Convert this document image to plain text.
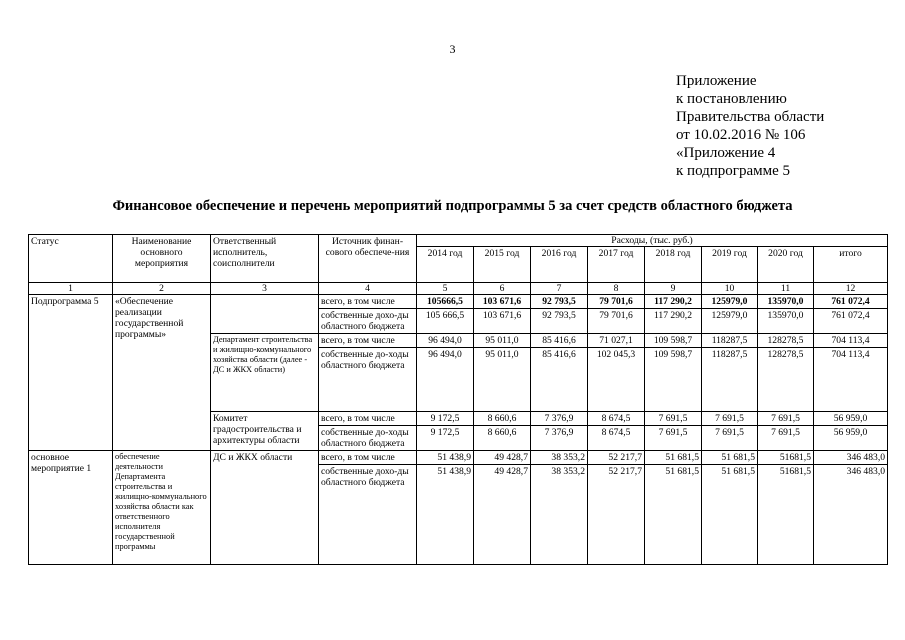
3
Приложение
к постановлению
Правительства области
от 10.02.2016 № 106
«Приложение 4
к подпрограмме 5
Финансовое обеспечение и перечень мероприятий подпрограммы 5 за счет средств областного бюджета
Статус	Наименование основного мероприятия	Ответственный исполнитель, соисполнители	Источник финан-сового обеспече-ния	Расходы, (тыс. руб.)							
				2014 год	2015 год	2016 год	2017 год	2018 год	2019 год	2020 год	итого
1	2	3	4	5	6	7	8	9	10	11	12
Подпрограмма 5	«Обеспечение реализации государственной программы»		всего, в том числе	105666,5	103 671,6	92 793,5	79 701,6	117 290,2	125979,0	135970,0	761 072,4
			собственные дохо-ды областного бюджета	105 666,5	103 671,6	92 793,5	79 701,6	117 290,2	125979,0	135970,0	761 072,4
		Департамент строительства и жилищно-коммунального хозяйства области (далее - ДС и ЖКХ области)	всего, в том числе	96 494,0	95 011,0	85 416,6	71 027,1	109 598,7	118287,5	128278,5	704 113,4
			собственные до-ходы областного бюджета	96 494,0	95 011,0	85 416,6	102 045,3	109 598,7	118287,5	128278,5	704 113,4
		Комитет градостроительства и архитектуры области	всего, в том числе	9 172,5	8 660,6	7 376,9	8 674,5	7 691,5	7 691,5	7 691,5	56 959,0
			собственные до-ходы областного бюджета	9 172,5	8 660,6	7 376,9	8 674,5	7 691,5	7 691,5	7 691,5	56 959,0
основное мероприятие 1	обеспечение деятельности Департамента строительства и жилищно-коммунального хозяйства области как ответственного исполнителя государственной программы	ДС и ЖКХ области	всего, в том числе	51 438,9	49 428,7	38 353,2	52 217,7	51 681,5	51 681,5	51681,5	346 483,0
			собственные дохо-ды областного бюджета	51 438,9	49 428,7	38 353,2	52 217,7	51 681,5	51 681,5	51681,5	346 483,0
